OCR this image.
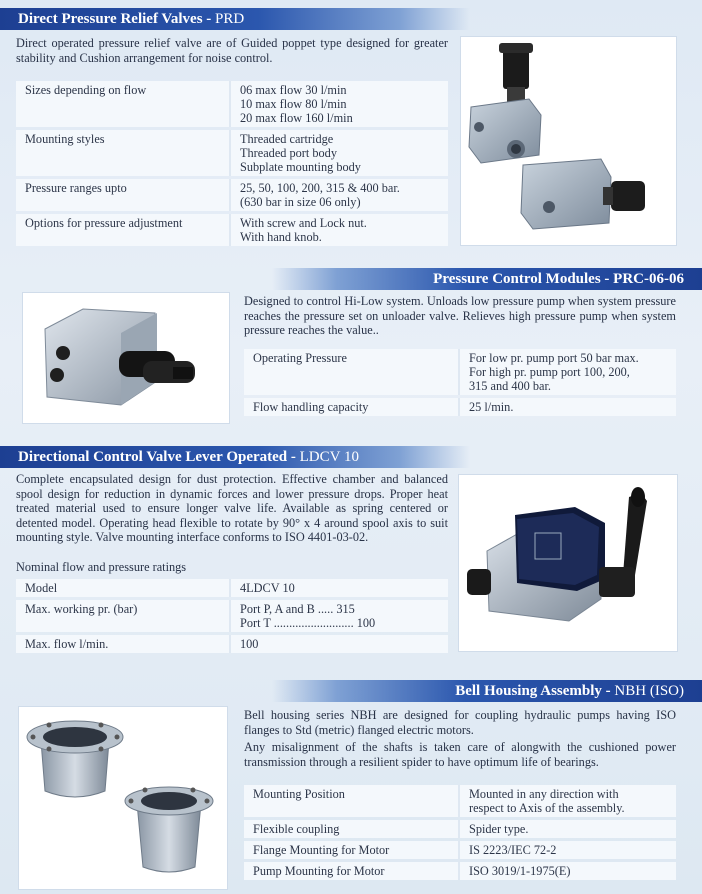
Direct Pressure Relief Valves - PRD
Direct operated pressure relief valve are of Guided poppet type designed for greater stability and Cushion arrangement for noise control.
Sizes depending on flow	06 max flow 30 l/min
10 max flow 80 l/min
20 max flow 160 l/min

Mounting styles	Threaded cartridge
Threaded port body
Subplate mounting body

Pressure ranges upto	25, 50, 100, 200, 315 & 400 bar.
(630 bar in size 06 only)

Options for pressure adjustment	With screw and Lock nut.
With hand knob.
Pressure Control Modules - PRC-06-06
Designed to control Hi-Low system. Unloads low pressure pump when system pressure reaches the pressure set on unloader valve. Relieves high pressure pump when system pressure reaches the value..
Operating Pressure	For low pr. pump port 50 bar max.
For high pr. pump port 100, 200,
315 and 400 bar.

Flow handling capacity	25 l/min.
Directional Control Valve Lever Operated - LDCV 10
Complete encapsulated design for dust protection. Effective chamber and balanced spool design for reduction in dynamic forces and lower pressure drops. Proper heat treated material used to ensure longer valve life. Available as spring centered or detented model. Operating head flexible to rotate by 90° x 4 around spool axis to suit mounting style. Valve mounting interface conforms to ISO 4401-03-02.
Nominal flow and pressure ratings
Model	4LDCV 10

Max. working pr. (bar)	Port P, A and B ..... 315
Port T .......................... 100

Max. flow l/min.	100
Bell Housing Assembly - NBH (ISO)
Bell housing series NBH are designed for coupling hydraulic pumps having ISO flanges to Std (metric) flanged electric motors.
Any misalignment of the shafts is taken care of alongwith the cushioned power transmission through a resilient spider to have optimum life of bearings.
Mounting Position	Mounted in any direction with
respect to Axis of the assembly.

Flexible coupling	Spider type.

Flange Mounting for Motor	IS 2223/IEC 72-2

Pump Mounting for Motor	ISO 3019/1-1975(E)
